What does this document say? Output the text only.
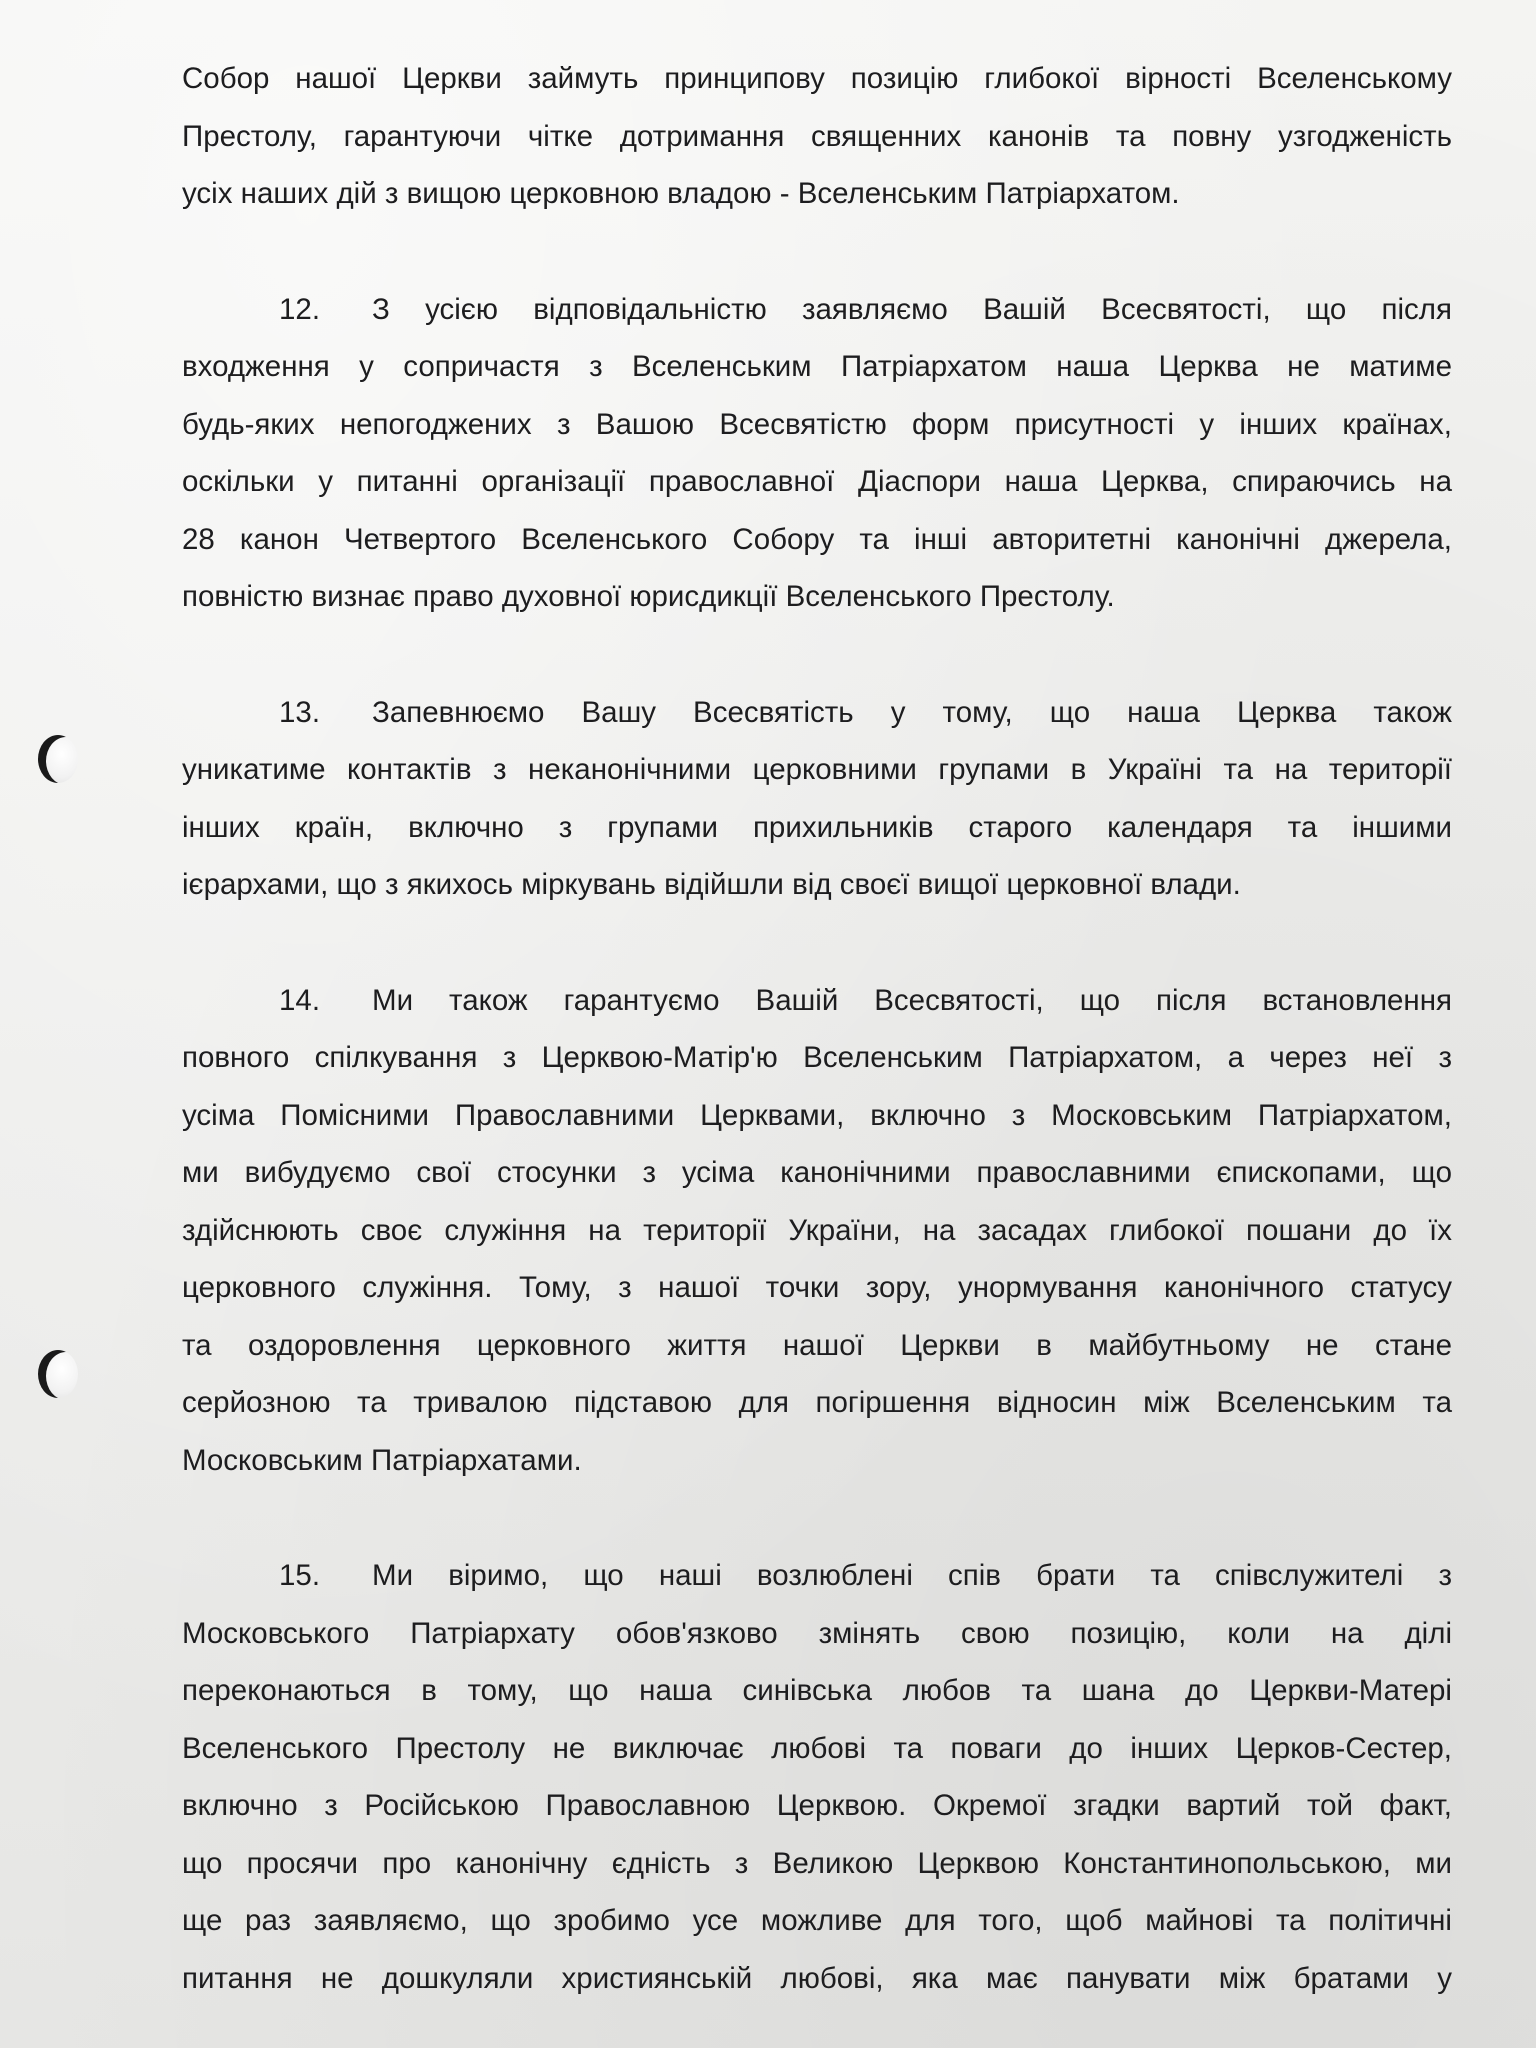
Собор нашої Церкви займуть принципову позицію глибокої вірності Вселенському
Престолу, гарантуючи чітке дотримання священних канонів та повну узгодженість
усіх наших дій з вищою церковною владою - Вселенським Патріархатом.

12. З усією відповідальністю заявляємо Вашій Всесвятості, що після
входження у сопричастя з Вселенським Патріархатом наша Церква не матиме
будь-яких непогоджених з Вашою Всесвятістю форм присутності у інших країнах,
оскільки у питанні організації православної Діаспори наша Церква, спираючись на
28 канон Четвертого Вселенського Собору та інші авторитетні канонічні джерела,
повністю визнає право духовної юрисдикції Вселенського Престолу.

13. Запевнюємо Вашу Всесвятість у тому, що наша Церква також
уникатиме контактів з неканонічними церковними групами в Україні та на території
інших країн, включно з групами прихильників старого календаря та іншими
ієрархами, що з якихось міркувань відійшли від своєї вищої церковної влади.

14. Ми також гарантуємо Вашій Всесвятості, що після встановлення
повного спілкування з Церквою-Матір'ю Вселенським Патріархатом, а через неї з
усіма Помісними Православними Церквами, включно з Московським Патріархатом,
ми вибудуємо свої стосунки з усіма канонічними православними єпископами, що
здійснюють своє служіння на території України, на засадах глибокої пошани до їх
церковного служіння. Тому, з нашої точки зору, унормування канонічного статусу
та оздоровлення церковного життя нашої Церкви в майбутньому не стане
серйозною та тривалою підставою для погіршення відносин між Вселенським та
Московським Патріархатами.

15. Ми віримо, що наші возлюблені спів брати та співслужителі з
Московського Патріархату обов'язково змінять свою позицію, коли на ділі
переконаються в тому, що наша синівська любов та шана до Церкви-Матері
Вселенського Престолу не виключає любові та поваги до інших Церков-Сестер,
включно з Російською Православною Церквою. Окремої згадки вартий той факт,
що просячи про канонічну єдність з Великою Церквою Константинопольською, ми
ще раз заявляємо, що зробимо усе можливе для того, щоб майнові та політичні
питання не дошкуляли християнській любові, яка має панувати між братами у
